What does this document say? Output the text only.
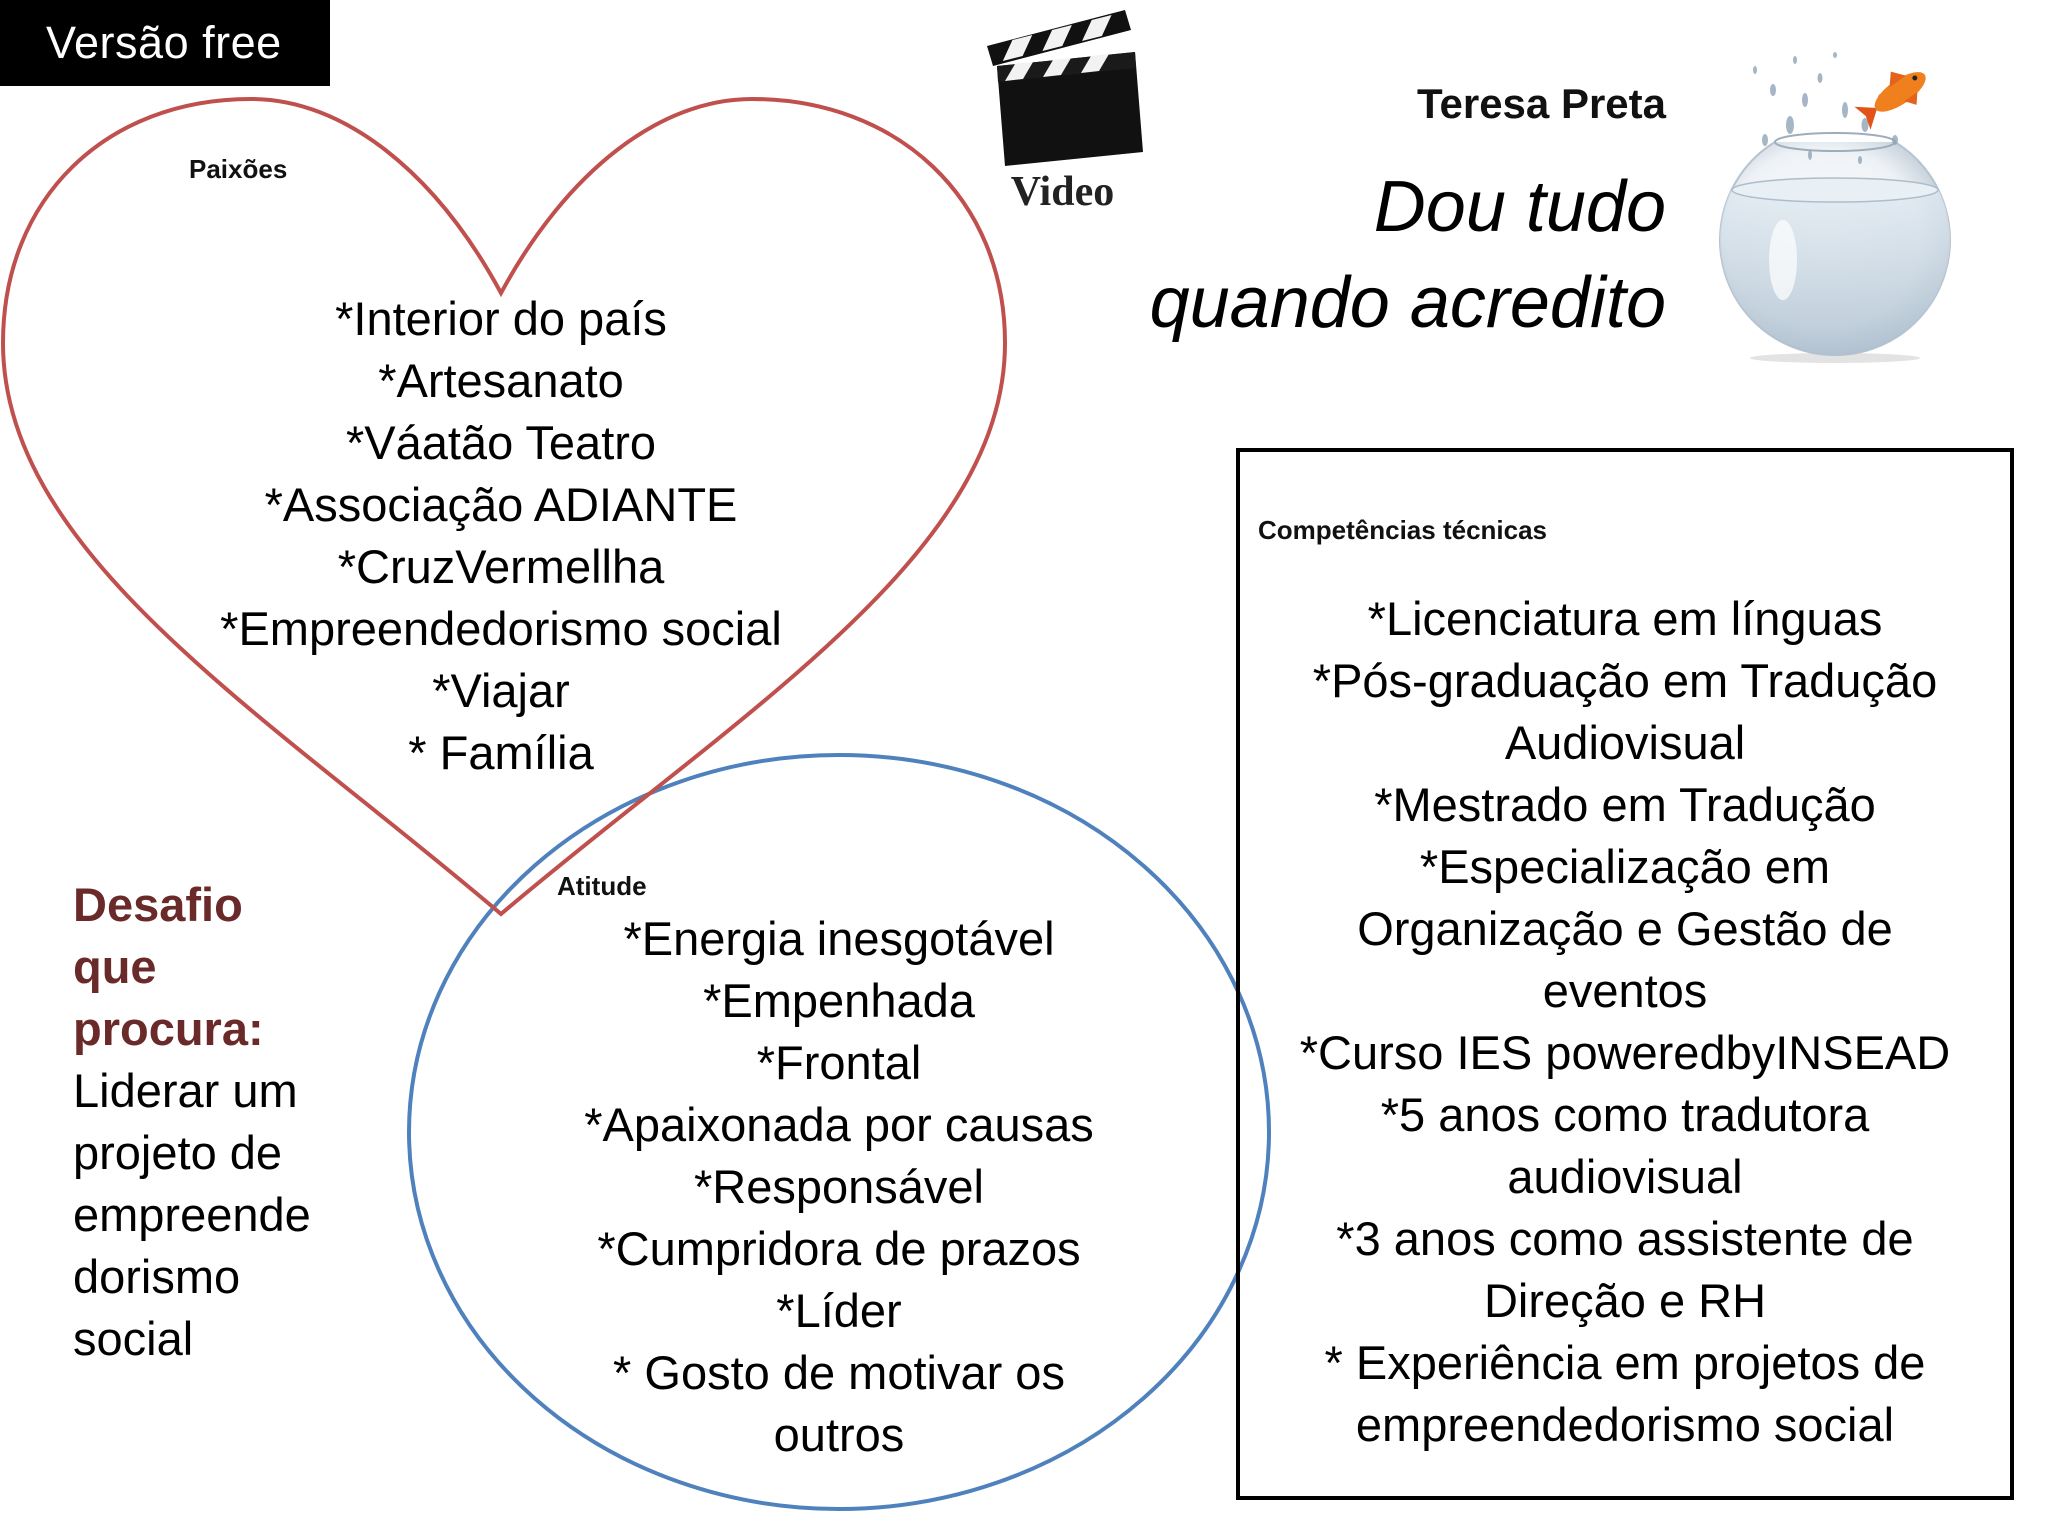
Versão free
Paixões
*Interior do país
*Artesanato
*Váatão Teatro
*Associação ADIANTE
*CruzVermellha
*Empreendedorismo social
*Viajar
* Família
Video
Teresa Preta
Dou tudo
quando acredito
Atitude
*Energia inesgotável
*Empenhada
*Frontal
*Apaixonada por causas
*Responsável
*Cumpridora de prazos
*Líder
* Gosto de motivar os
outros
Competências técnicas
*Licenciatura em línguas
*Pós-graduação em Tradução
Audiovisual
*Mestrado em Tradução
*Especialização em
Organização e Gestão de
eventos
*Curso IES poweredbyINSEAD
*5 anos como tradutora
audiovisual
*3 anos como assistente de
Direção e RH
* Experiência em projetos de
empreendedorismo social
Desafio
que
procura:
Liderar um
projeto de
empreende
dorismo
social
